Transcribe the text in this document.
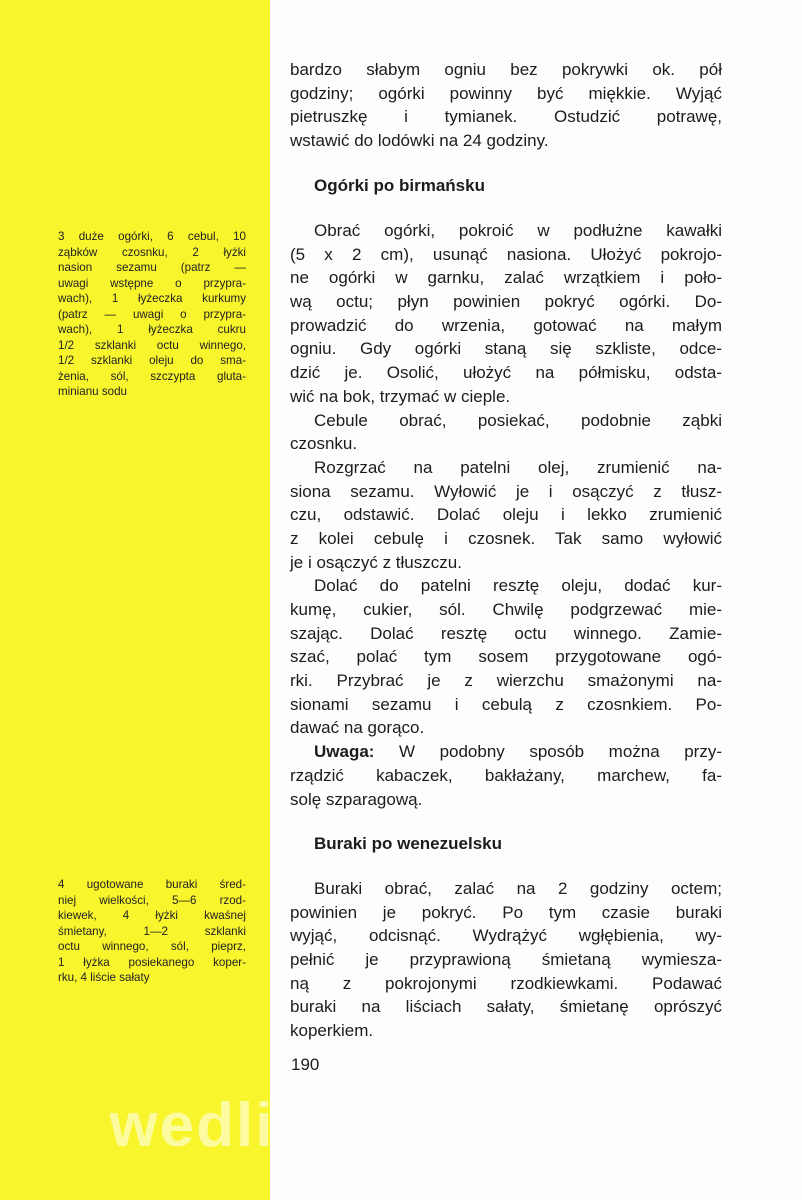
3 duże ogórki, 6 cebul, 10
ząbków czosnku, 2 łyżki
nasion sezamu (patrz —
uwagi wstępne o przypra-
wach), 1 łyżeczka kurkumy
(patrz — uwagi o przypra-
wach), 1 łyżeczka cukru
1/2 szklanki octu winnego,
1/2 szklanki oleju do sma-
żenia, sól, szczypta gluta-
minianu sodu
4 ugotowane buraki śred-
niej wielkości, 5—6 rzod-
kiewek, 4 łyżki kwaśnej
śmietany, 1—2 szklanki
octu winnego, sól, pieprz,
1 łyżka posiekanego koper-
rku, 4 liście sałaty
bardzo słabym ogniu bez pokrywki ok. pół
godziny; ogórki powinny być miękkie. Wyjąć
pietruszkę i tymianek. Ostudzić potrawę,
wstawić do lodówki na 24 godziny.
Ogórki po birmańsku
Obrać ogórki, pokroić w podłużne kawałki
(5 x 2 cm), usunąć nasiona. Ułożyć pokrojo-
ne ogórki w garnku, zalać wrzątkiem i poło-
wą octu; płyn powinien pokryć ogórki. Do-
prowadzić do wrzenia, gotować na małym
ogniu. Gdy ogórki staną się szkliste, odce-
dzić je. Osolić, ułożyć na półmisku, odsta-
wić na bok, trzymać w cieple.
Cebule obrać, posiekać, podobnie ząbki
czosnku.
Rozgrzać na patelni olej, zrumienić na-
siona sezamu. Wyłowić je i osączyć z tłusz-
czu, odstawić. Dolać oleju i lekko zrumienić
z kolei cebulę i czosnek. Tak samo wyłowić
je i osączyć z tłuszczu.
Dolać do patelni resztę oleju, dodać kur-
kumę, cukier, sól. Chwilę podgrzewać mie-
szając. Dolać resztę octu winnego. Zamie-
szać, polać tym sosem przygotowane ogó-
rki. Przybrać je z wierzchu smażonymi na-
sionami sezamu i cebulą z czosnkiem. Po-
dawać na gorąco.
Uwaga: W podobny sposób można przy-
rządzić kabaczek, bakłażany, marchew, fa-
solę szparagową.
Buraki po wenezuelsku
Buraki obrać, zalać na 2 godziny octem;
powinien je pokryć. Po tym czasie buraki
wyjąć, odcisnąć. Wydrążyć wgłębienia, wy-
pełnić je przyprawioną śmietaną wymiesza-
ną z pokrojonymi rzodkiewkami. Podawać
buraki na liściach sałaty, śmietanę oprószyć
koperkiem.
190
wedlinydomowe.pl
